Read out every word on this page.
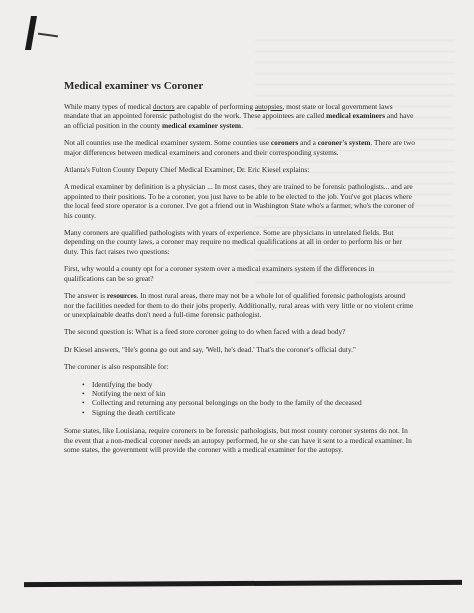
Medical examiner vs Coroner

While many types of medical doctors are capable of performing autopsies, most state or local government laws mandate that an appointed forensic pathologist do the work. These appointees are called medical examiners and have an official position in the county medical examiner system.

Not all counties use the medical examiner system. Some counties use coroners and a coroner's system. There are two major differences between medical examiners and coroners and their corresponding systems.

Atlanta's Fulton County Deputy Chief Medical Examiner, Dr. Eric Kiesel explains:

A medical examiner by definition is a physician ... In most cases, they are trained to be forensic pathologists... and are appointed to their positions. To be a coroner, you just have to be able to be elected to the job. You've got places where the local feed store operator is a coroner. I've got a friend out in Washington State who's a farmer, who's the coroner of his county.

Many coroners are qualified pathologists with years of experience. Some are physicians in unrelated fields. But depending on the county laws, a coroner may require no medical qualifications at all in order to perform his or her duty. This fact raises two questions:

First, why would a county opt for a coroner system over a medical examiners system if the differences in qualifications can be so great?

The answer is resources. In most rural areas, there may not be a whole lot of qualified forensic pathologists around nor the facilities needed for them to do their jobs properly. Additionally, rural areas with very little or no violent crime or unexplainable deaths don't need a full-time forensic pathologist.

The second question is: What is a feed store coroner going to do when faced with a dead body?

Dr Kiesel answers, "He's gonna go out and say, 'Well, he's dead.' That's the coroner's official duty."

The coroner is also responsible for:

• Identifying the body
• Notifying the next of kin
• Collecting and returning any personal belongings on the body to the family of the deceased
• Signing the death certificate

Some states, like Louisiana, require coroners to be forensic pathologists, but most county coroner systems do not. In the event that a non-medical coroner needs an autopsy performed, he or she can have it sent to a medical examiner. In some states, the government will provide the coroner with a medical examiner for the autopsy.
